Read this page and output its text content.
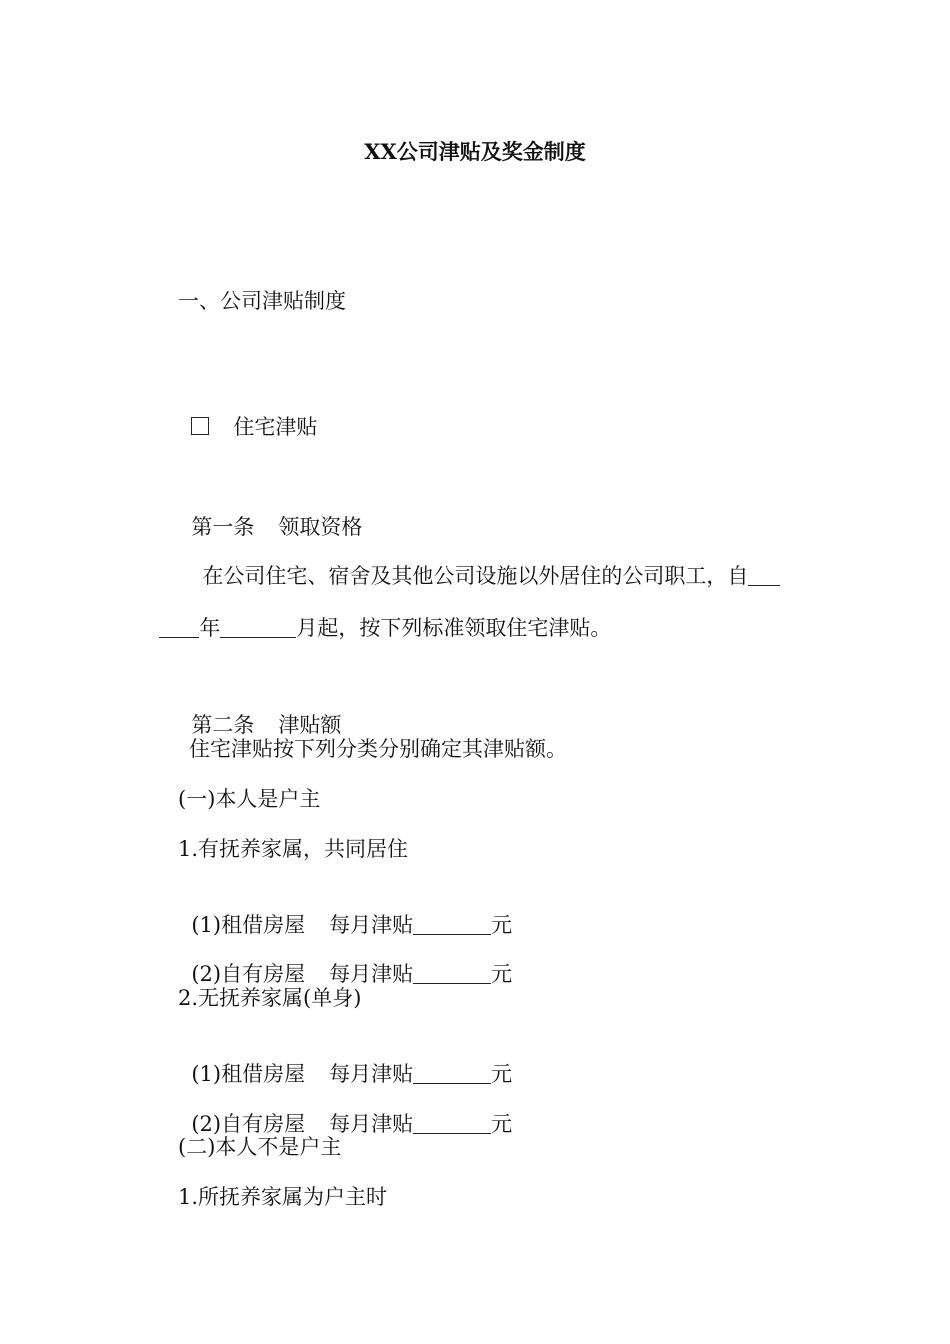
XX公司津贴及奖金制度
一、公司津贴制度

住宅津贴

第一条 领取资格

在公司住宅、宿舍及其他公司设施以外居住的公司职工，自

年	月起，按下列标准领取住宅津贴。

第二条 津贴额

住宅津贴按下列分类分别确定其津贴额。
(一)本人是户主
1.有抚养家属，共同居住

(1)租借房屋 每月津贴	元

(2)自有房屋 每月津贴	元

2.无抚养家属(单身)

(1)租借房屋 每月津贴	元

(2)自有房屋 每月津贴	元

(二)本人不是户主
1.所抚养家属为户主时
